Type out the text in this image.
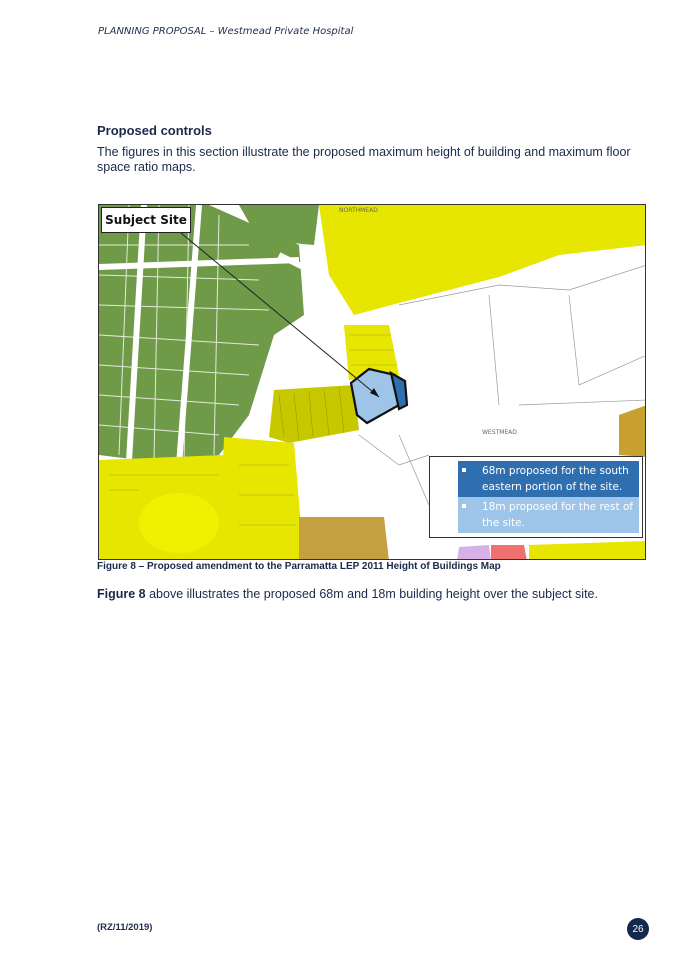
PLANNING PROPOSAL – Westmead Private Hospital
Proposed controls
The figures in this section illustrate the proposed maximum height of building and maximum floor space ratio maps.
Subject Site
NORTHMEAD
WESTMEAD
68m proposed for the south eastern portion of the site.
18m proposed for the rest of the site.
Figure 8 – Proposed amendment to the Parramatta LEP 2011 Height of Buildings Map
Figure 8 above illustrates the proposed 68m and 18m building height over the subject site.
(RZ/11/2019)	26
